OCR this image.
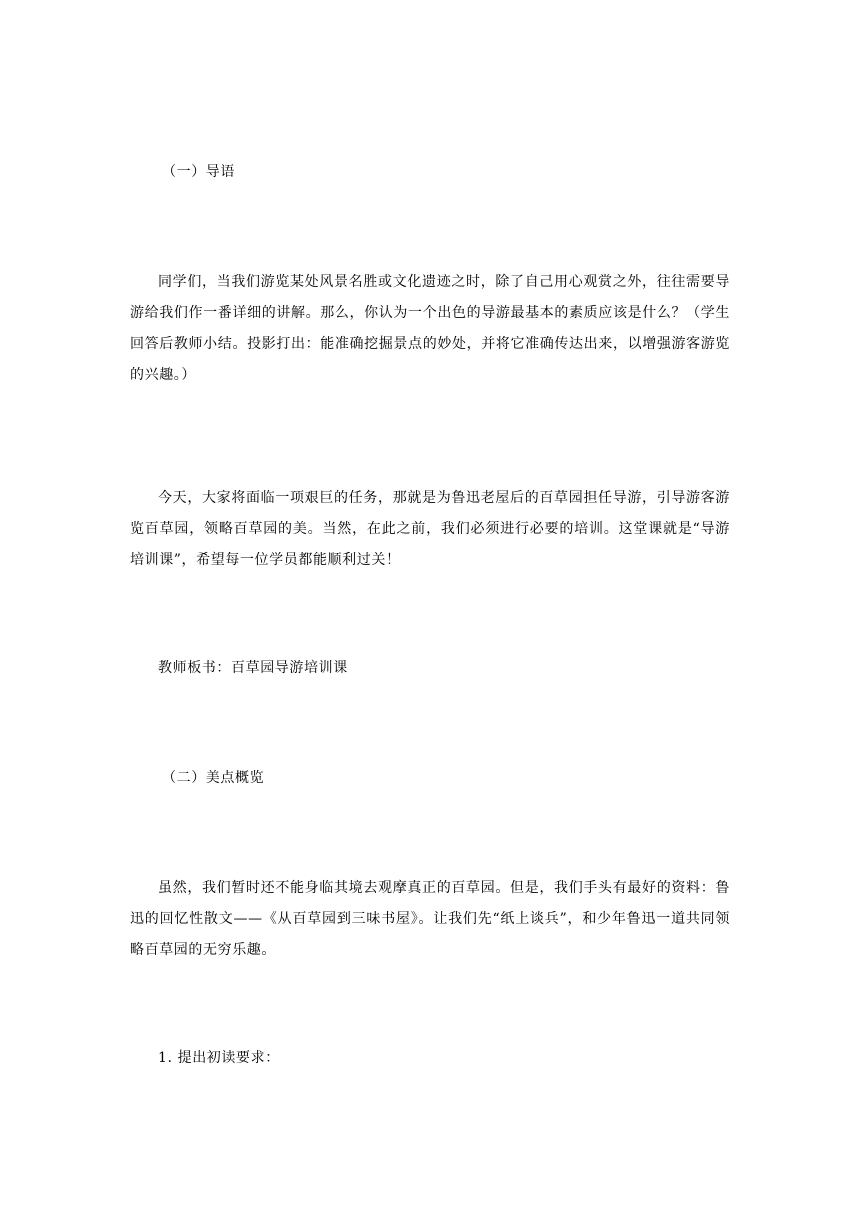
（一）导语
同学们，当我们游览某处风景名胜或文化遗迹之时，除了自己用心观赏之外，往往需要导游给我们作一番详细的讲解。那么，你认为一个出色的导游最基本的素质应该是什么？（学生回答后教师小结。投影打出：能准确挖掘景点的妙处，并将它准确传达出来，以增强游客游览的兴趣。）
今天，大家将面临一项艰巨的任务，那就是为鲁迅老屋后的百草园担任导游，引导游客游览百草园，领略百草园的美。当然，在此之前，我们必须进行必要的培训。这堂课就是“导游培训课”，希望每一位学员都能顺利过关！
教师板书：百草园导游培训课
（二）美点概览
虽然，我们暂时还不能身临其境去观摩真正的百草园。但是，我们手头有最好的资料：鲁迅的回忆性散文——《从百草园到三味书屋》。让我们先“纸上谈兵”，和少年鲁迅一道共同领略百草园的无穷乐趣。
1. 提出初读要求：
